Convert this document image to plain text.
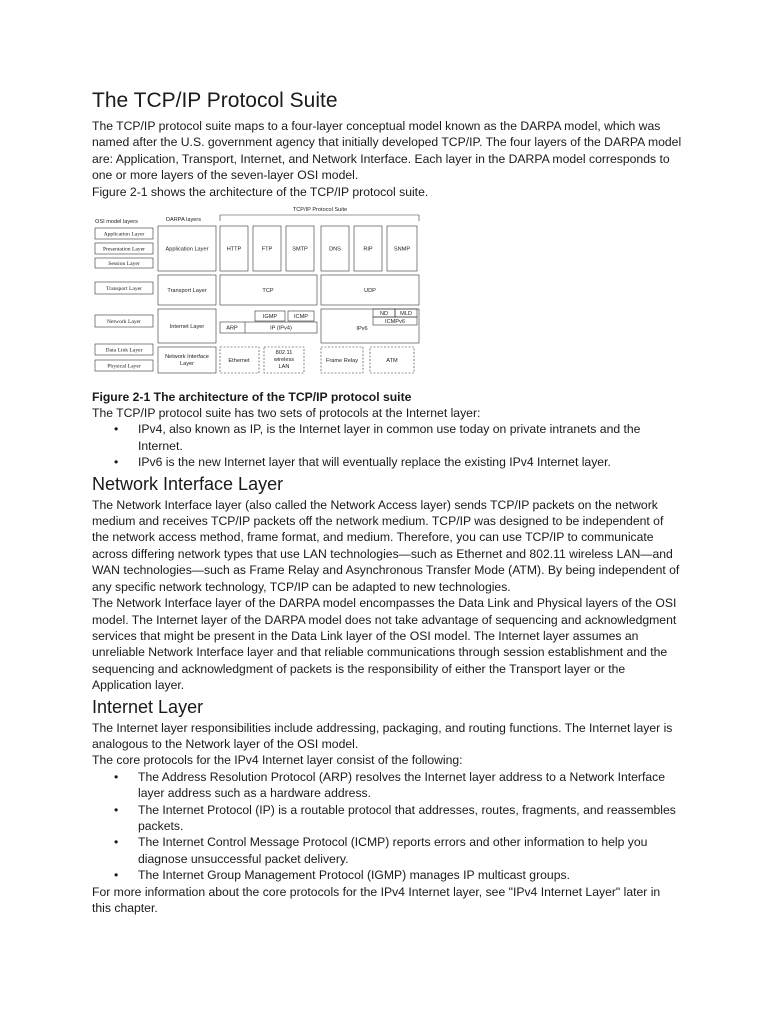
The TCP/IP Protocol Suite

The TCP/IP protocol suite maps to a four-layer conceptual model known as the DARPA model, which was named after the U.S. government agency that initially developed TCP/IP. The four layers of the DARPA model are: Application, Transport, Internet, and Network Interface. Each layer in the DARPA model corresponds to one or more layers of the seven-layer OSI model.

Figure 2-1 shows the architecture of the TCP/IP protocol suite.

TCP/IP Protocol Suite
OSI model layers	DARPA layers
Application Layer
Presentation Layer
Session Layer
Transport Layer
Network Layer
Data Link Layer
Physical Layer
Application Layer
Transport Layer
Internet Layer
Network Interface
Layer
HTTP	FTP	SMTP	DNS	RIP	SNMP
TCP	UDP
IGMP	ICMP
ARP	IP (IPv4)
ND MLD
ICMPv6
IPv6
Ethernet
802.11
wireless
LAN
Frame Relay	ATM
Figure 2-1 The architecture of the TCP/IP protocol suite

The TCP/IP protocol suite has two sets of protocols at the Internet layer:

• IPv4, also known as IP, is the Internet layer in common use today on private intranets and the Internet.
• IPv6 is the new Internet layer that will eventually replace the existing IPv4 Internet layer.
Network Interface Layer

The Network Interface layer (also called the Network Access layer) sends TCP/IP packets on the network medium and receives TCP/IP packets off the network medium. TCP/IP was designed to be independent of the network access method, frame format, and medium. Therefore, you can use TCP/IP to communicate across differing network types that use LAN technologies—such as Ethernet and 802.11 wireless LAN—and WAN technologies—such as Frame Relay and Asynchronous Transfer Mode (ATM). By being independent of any specific network technology, TCP/IP can be adapted to new technologies.

The Network Interface layer of the DARPA model encompasses the Data Link and Physical layers of the OSI model. The Internet layer of the DARPA model does not take advantage of sequencing and acknowledgment services that might be present in the Data Link layer of the OSI model. The Internet layer assumes an unreliable Network Interface layer and that reliable communications through session establishment and the sequencing and acknowledgment of packets is the responsibility of either the Transport layer or the Application layer.

Internet Layer

The Internet layer responsibilities include addressing, packaging, and routing functions. The Internet layer is analogous to the Network layer of the OSI model.

The core protocols for the IPv4 Internet layer consist of the following:

• The Address Resolution Protocol (ARP) resolves the Internet layer address to a Network Interface layer address such as a hardware address.
• The Internet Protocol (IP) is a routable protocol that addresses, routes, fragments, and reassembles packets.
• The Internet Control Message Protocol (ICMP) reports errors and other information to help you diagnose unsuccessful packet delivery.
• The Internet Group Management Protocol (IGMP) manages IP multicast groups.

For more information about the core protocols for the IPv4 Internet layer, see "IPv4 Internet Layer" later in this chapter.
